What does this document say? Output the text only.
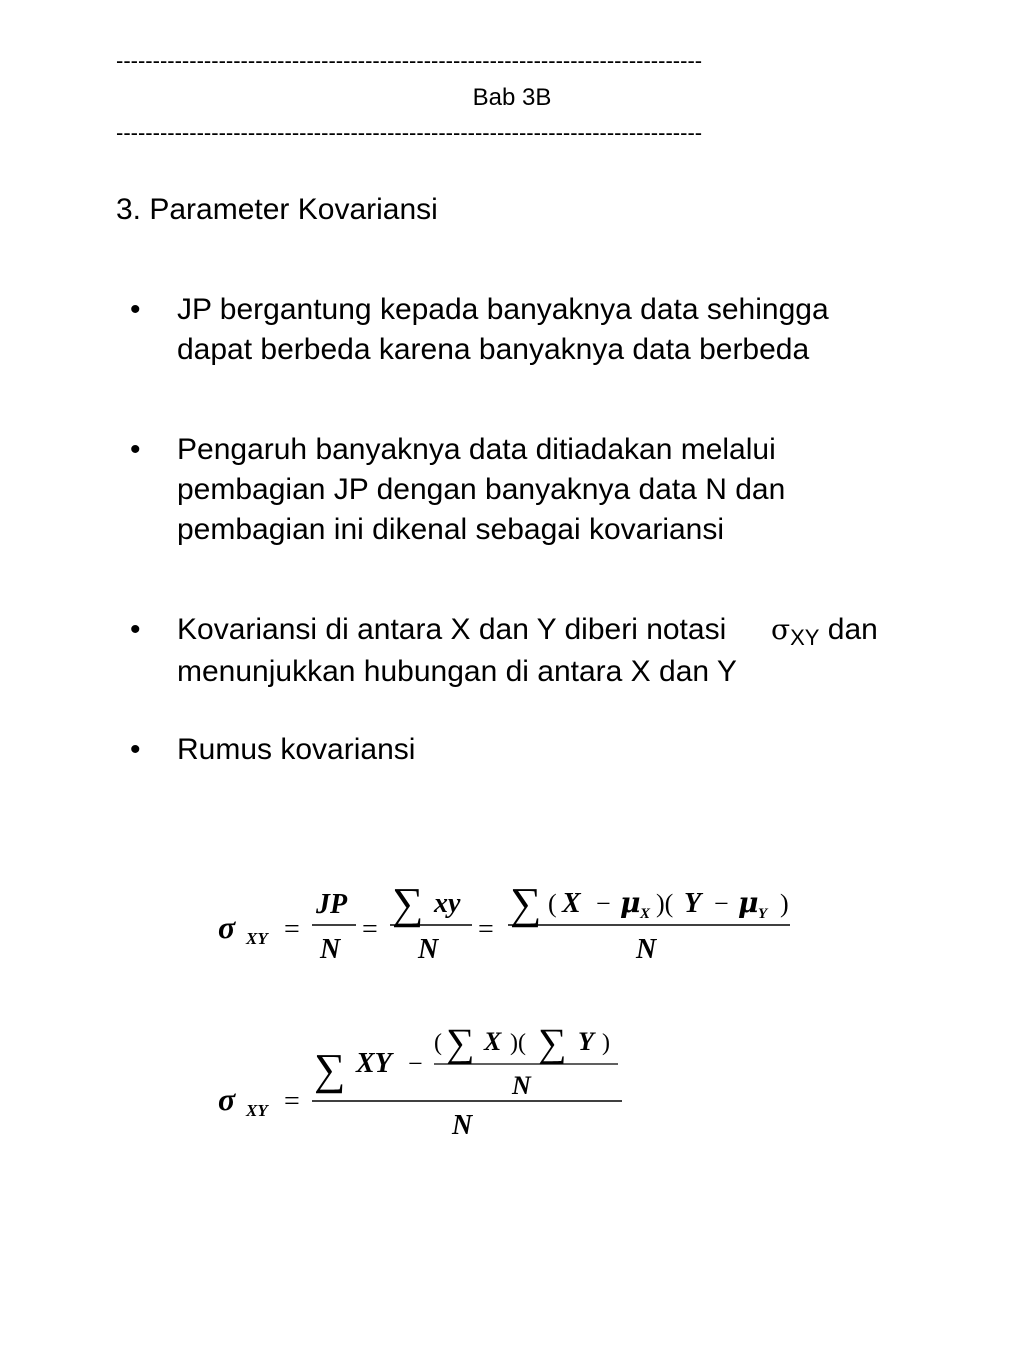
--------------------------------------------------------------------------------
Bab 3B
--------------------------------------------------------------------------------
3. Parameter Kovariansi
•	JP bergantung kepada banyaknya data sehingga
dapat berbeda karena banyaknya data berbeda
•	Pengaruh banyaknya data ditiadakan melalui
pembagian JP dengan banyaknya data N dan
pembagian ini dikenal sebagai kovariansi
•	Kovariansi di antara X dan Y diberi notasi $\sigma_{XY}$ dan
menunjukkan hubungan di antara X dan Y
•	Rumus kovariansi
σ XY =
JP
N
=
∑ xy
N
=
∑ ( X − μ X )( Y − μ Y )
N
σ XY =
∑ XY −
( ∑ X )( ∑ Y )
N
N
